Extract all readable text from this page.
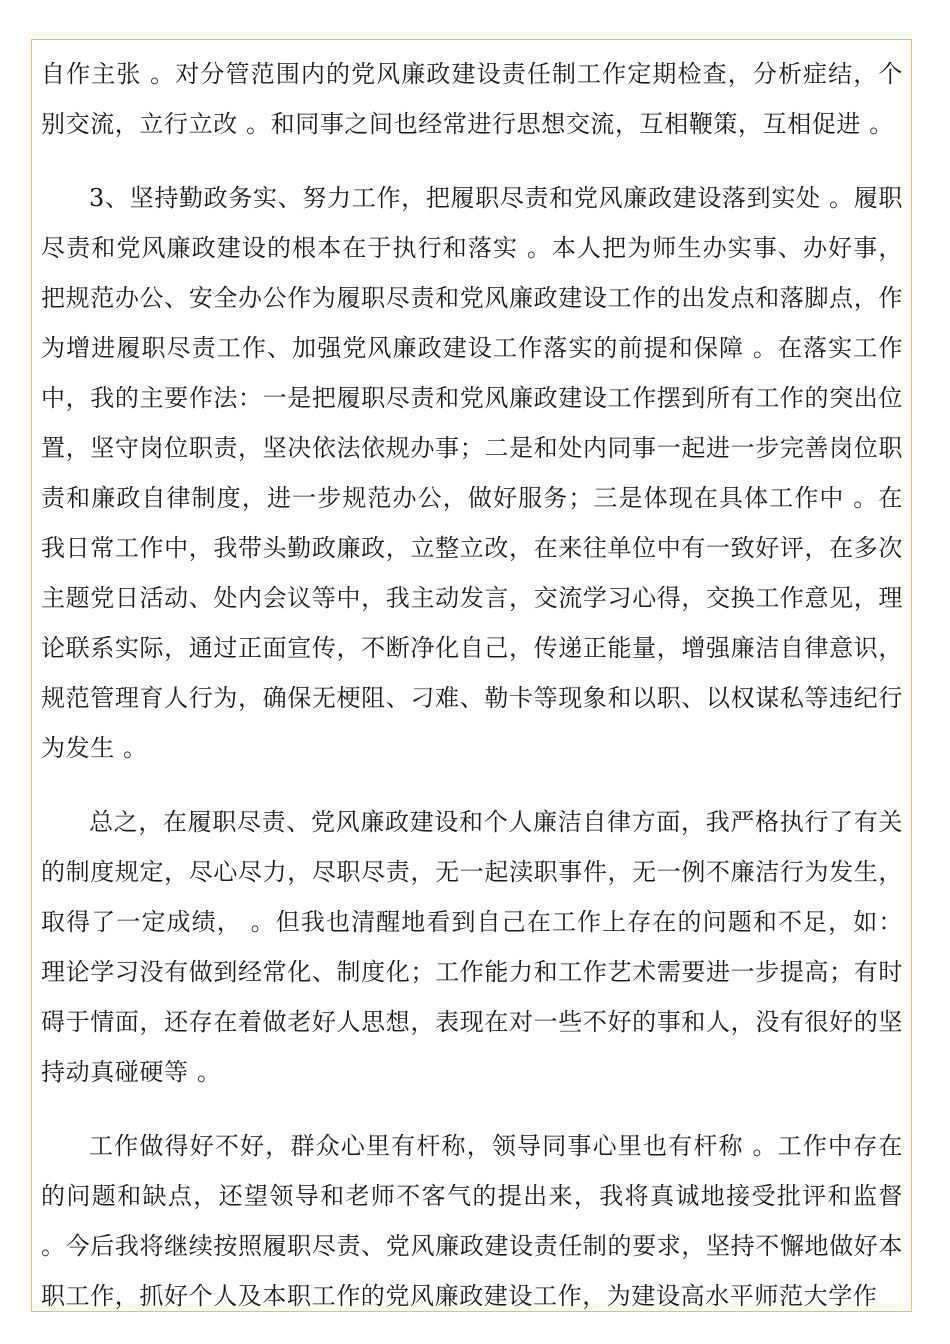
自作主张 。对分管范围内的党风廉政建设责任制工作定期检查，分析症结，个别交流，立行立改 。和同事之间也经常进行思想交流，互相鞭策，互相促进 。

3、坚持勤政务实、努力工作，把履职尽责和党风廉政建设落到实处 。履职尽责和党风廉政建设的根本在于执行和落实 。本人把为师生办实事、办好事，把规范办公、安全办公作为履职尽责和党风廉政建设工作的出发点和落脚点，作为增进履职尽责工作、加强党风廉政建设工作落实的前提和保障 。在落实工作中，我的主要作法：一是把履职尽责和党风廉政建设工作摆到所有工作的突出位置，坚守岗位职责，坚决依法依规办事；二是和处内同事一起进一步完善岗位职责和廉政自律制度，进一步规范办公，做好服务；三是体现在具体工作中 。在我日常工作中，我带头勤政廉政，立整立改，在来往单位中有一致好评，在多次主题党日活动、处内会议等中，我主动发言，交流学习心得，交换工作意见，理论联系实际，通过正面宣传，不断净化自己，传递正能量，增强廉洁自律意识，规范管理育人行为，确保无梗阻、刁难、勒卡等现象和以职、以权谋私等违纪行为发生 。

总之，在履职尽责、党风廉政建设和个人廉洁自律方面，我严格执行了有关的制度规定，尽心尽力，尽职尽责，无一起渎职事件，无一例不廉洁行为发生，取得了一定成绩， 。但我也清醒地看到自己在工作上存在的问题和不足，如：理论学习没有做到经常化、制度化；工作能力和工作艺术需要进一步提高；有时碍于情面，还存在着做老好人思想，表现在对一些不好的事和人，没有很好的坚持动真碰硬等 。

工作做得好不好，群众心里有杆称，领导同事心里也有杆称 。工作中存在的问题和缺点，还望领导和老师不客气的提出来，我将真诚地接受批评和监督 。今后我将继续按照履职尽责、党风廉政建设责任制的要求，坚持不懈地做好本职工作，抓好个人及本职工作的党风廉政建设工作，为建设高水平师范大学作
